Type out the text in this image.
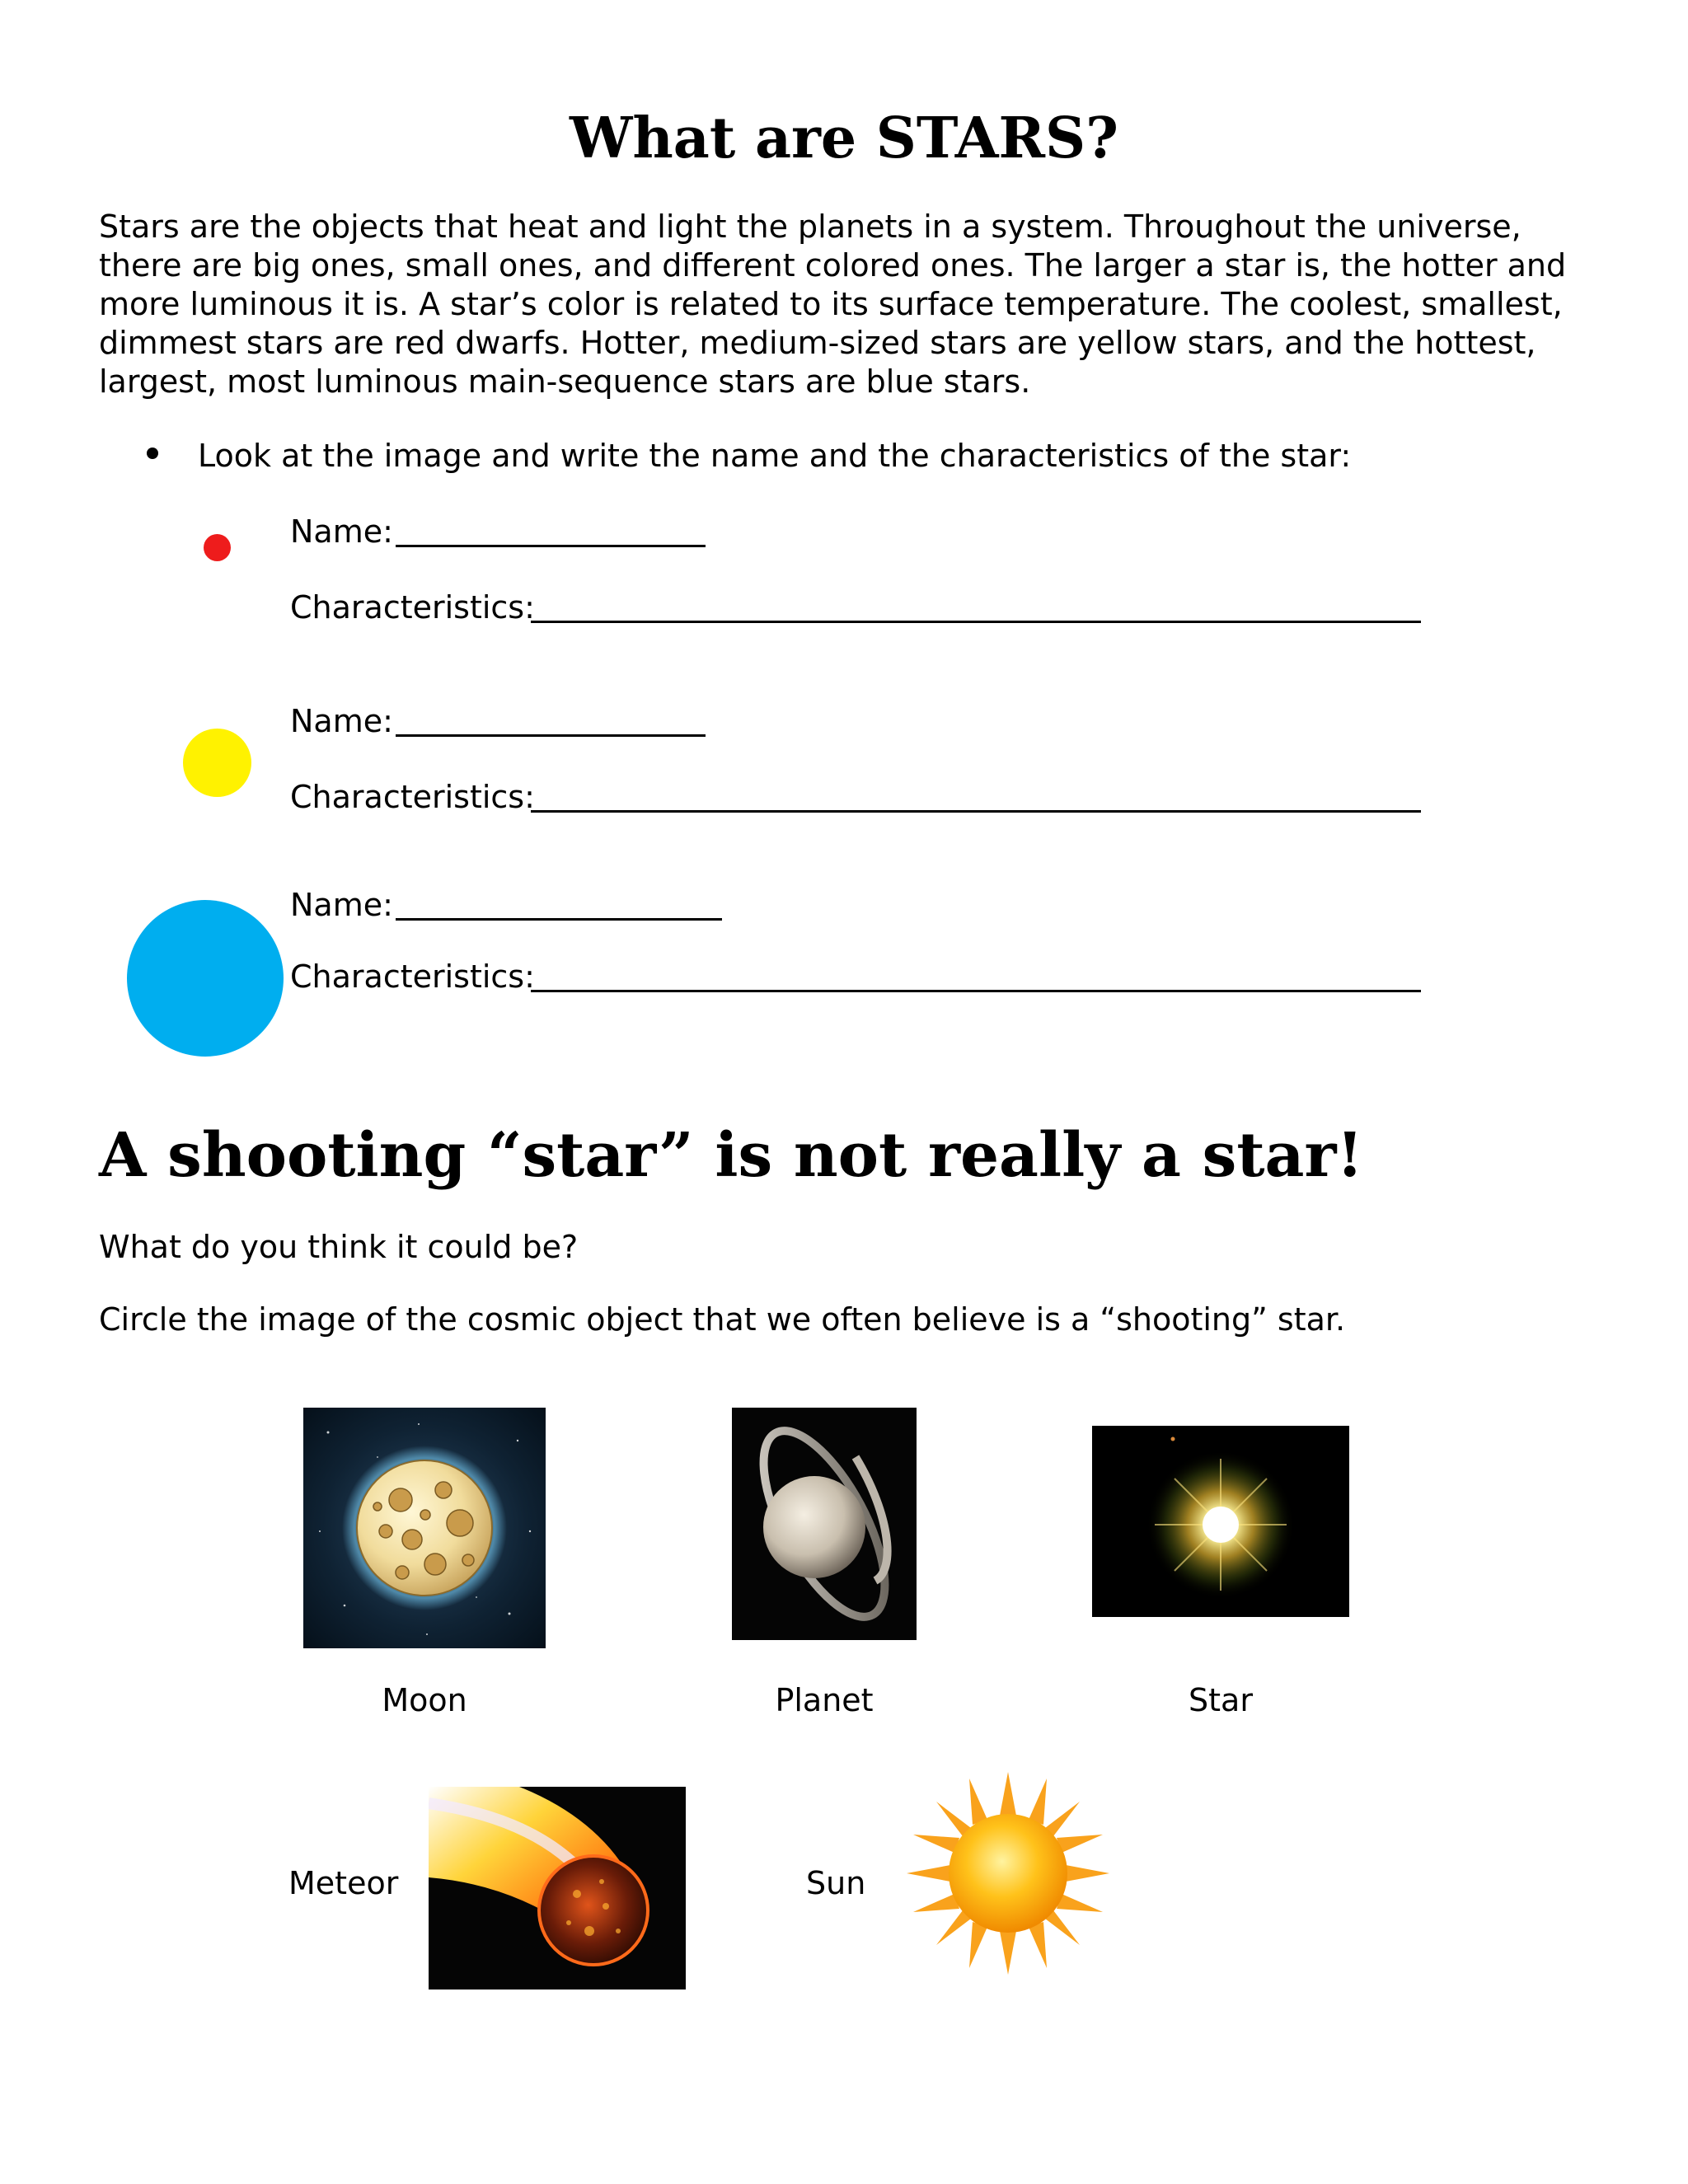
What are STARS?
Stars are the objects that heat and light the planets in a system. Throughout the universe, there are big ones, small ones, and different colored ones. The larger a star is, the hotter and more luminous it is. A star’s color is related to its surface temperature. The coolest, smallest, dimmest stars are red dwarfs. Hotter, medium-sized stars are yellow stars, and the hottest, largest, most luminous main-sequence stars are blue stars.
Look at the image and write the name and the characteristics of the star:
Name:
Characteristics:
Name:
Characteristics:
Name:
Characteristics:
A shooting “star” is not really a star!
What do you think it could be?
Circle the image of the cosmic object that we often believe is a “shooting” star.
Moon	Planet	Star
Meteor	Sun
